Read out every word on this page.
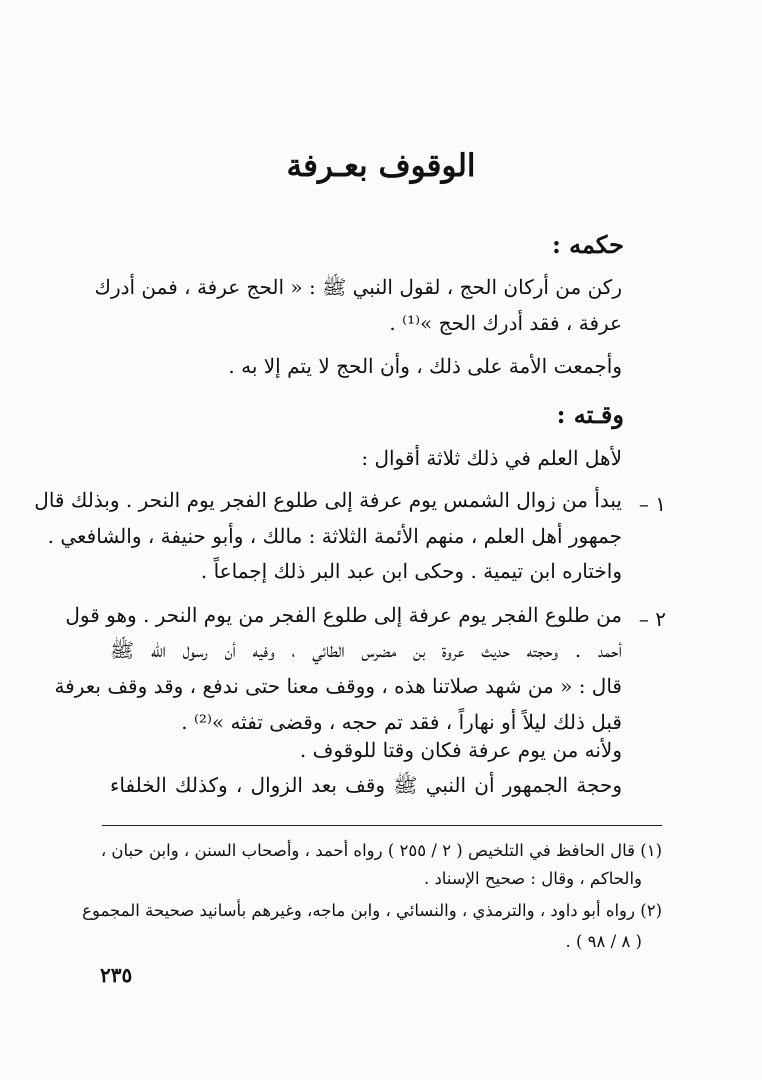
الوقوف بعـرفة
حكمه :
ركن من أركان الحج ، لقول النبي ﷺ : « الحج عرفة ، فمن أدرك
عرفة ، فقد أدرك الحج »⁽¹⁾ .
وأجمعت الأمة على ذلك ، وأن الحج لا يتم إلا به .
وقـته :
لأهل العلم في ذلك ثلاثة أقوال :
١ –
يبدأ من زوال الشمس يوم عرفة إلى طلوع الفجر يوم النحر . وبذلك قال
جمهور أهل العلم ، منهم الأئمة الثلاثة : مالك ، وأبو حنيفة ، والشافعي .
واختاره ابن تيمية . وحكى ابن عبد البر ذلك إجماعاً .
٢ –
من طلوع الفجر يوم عرفة إلى طلوع الفجر من يوم النحر . وهو قول
أحمد . وحجته حديث عروة بن مضرس الطائي ، وفيه أن رسول الله ﷺ
قال : « من شهد صلاتنا هذه ، ووقف معنا حتى ندفع ، وقد وقف بعرفة
قبل ذلك ليلاً أو نهاراً ، فقد تم حجه ، وقضى تفثه »⁽²⁾ .
ولأنه من يوم عرفة فكان وقتا للوقوف .
وحجة الجمهور أن النبي ﷺ وقف بعد الزوال ، وكذلك الخلفاء
(١) قال الحافظ في التلخيص ( ٢ / ٢٥٥ ) رواه أحمد ، وأصحاب السنن ، وابن حبان ،
والحاكم ، وقال : صحيح الإسناد .
(٢) رواه أبو داود ، والترمذي ، والنسائي ، وابن ماجه، وغيرهم بأسانيد صحيحة المجموع
( ٨ / ٩٨ ) .
٢٣٥
